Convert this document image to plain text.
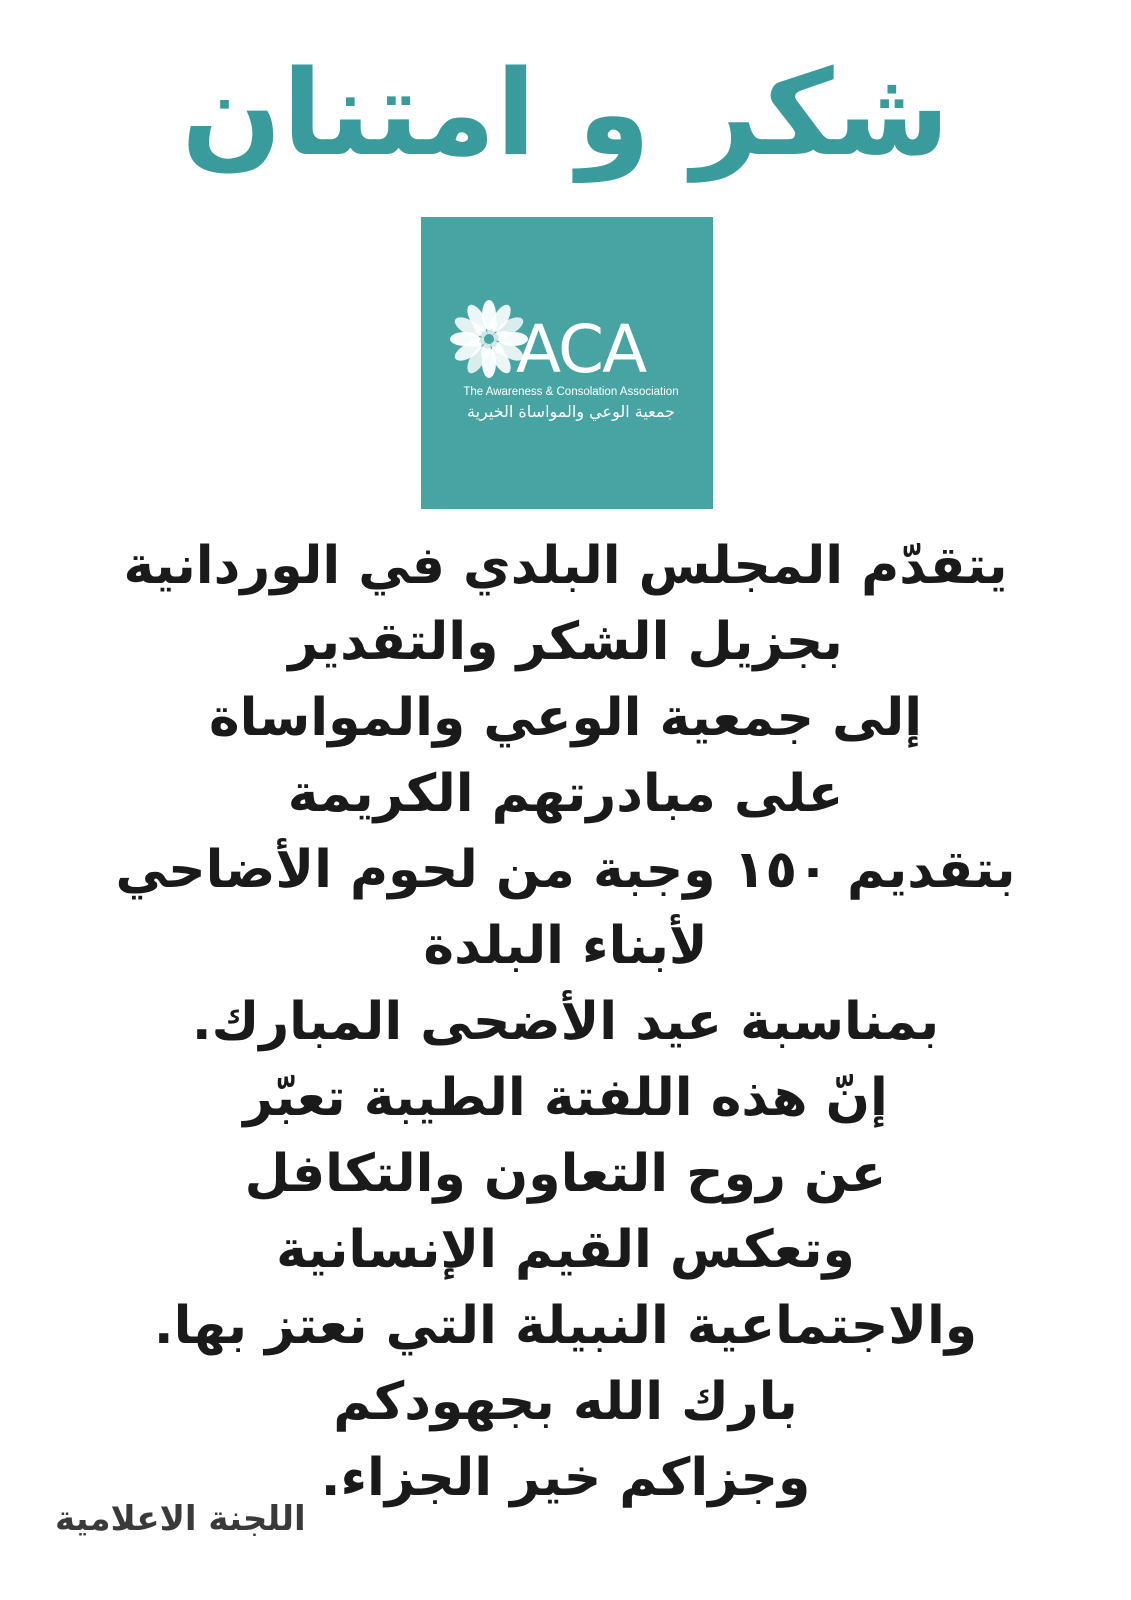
شكر و امتنان
ACA
The Awareness & Consolation Association
جمعية الوعي والمواساة الخيرية
يتقدّم المجلس البلدي في الوردانية
بجزيل الشكر والتقدير
إلى جمعية الوعي والمواساة
على مبادرتهم الكريمة
بتقديم ١٥٠ وجبة من لحوم الأضاحي
لأبناء البلدة
بمناسبة عيد الأضحى المبارك.
إنّ هذه اللفتة الطيبة تعبّر
عن روح التعاون والتكافل
وتعكس القيم الإنسانية
والاجتماعية النبيلة التي نعتز بها.
بارك الله بجهودكم
وجزاكم خير الجزاء.
اللجنة الاعلامية
